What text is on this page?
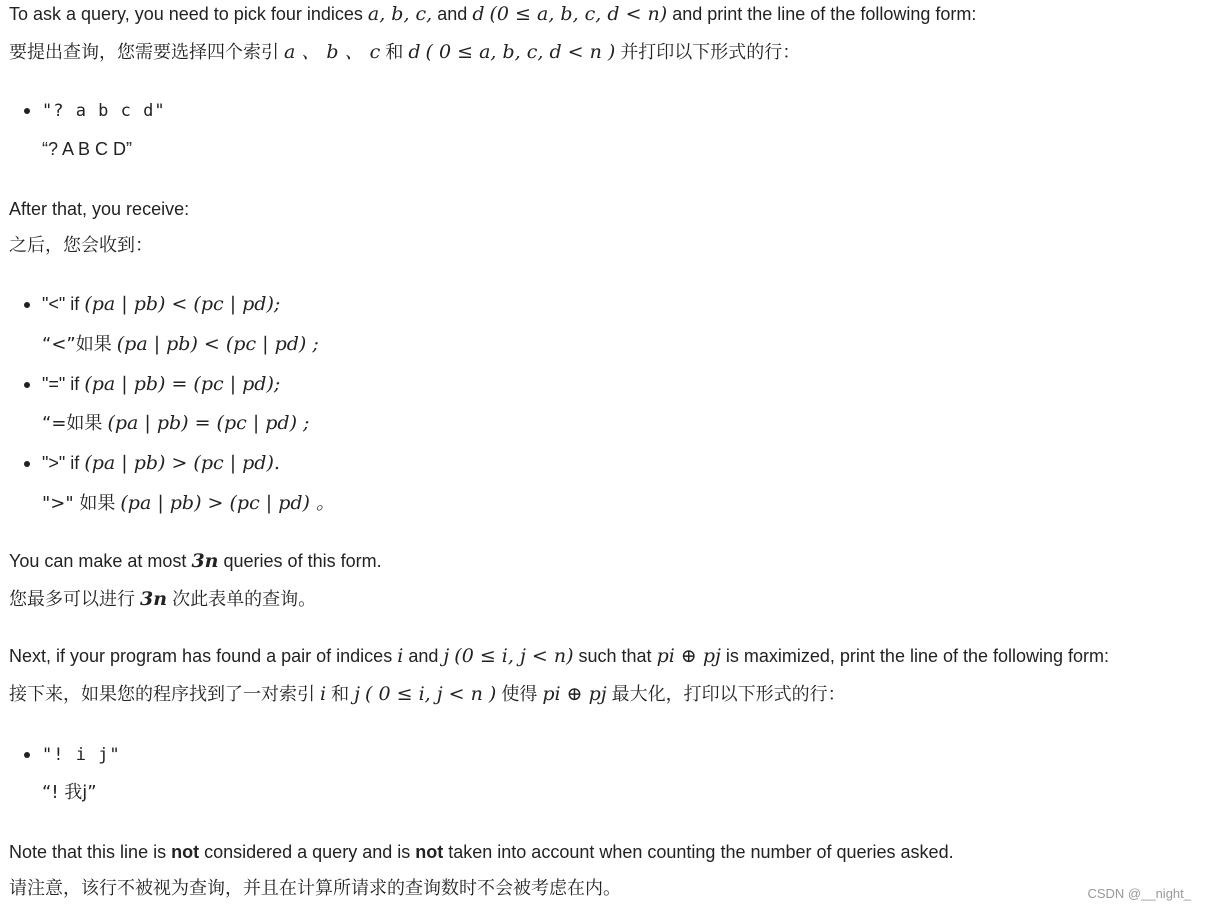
To ask a query, you need to pick four indices a, b, c, and d (0 ≤ a, b, c, d < n) and print the line of the following form:
要提出查询，您需要选择四个索引 a 、 b 、 c 和 d ( 0 ≤ a, b, c, d < n ) 并打印以下形式的行：
"? a b c d"
“? A B C D”
After that, you receive:
之后，您会收到：
"<" if (pa | pb) < (pc | pd);
“<”如果 (pa | pb) < (pc | pd) ;
"=" if (pa | pb) = (pc | pd);
“=如果 (pa | pb) = (pc | pd) ;
">" if (pa | pb) > (pc | pd).
">" 如果 (pa | pb) > (pc | pd) 。
You can make at most 3n queries of this form.
您最多可以进行 3n 次此表单的查询。
Next, if your program has found a pair of indices i and j (0 ≤ i, j < n) such that pi ⊕ pj is maximized, print the line of the following form:
接下来，如果您的程序找到了一对索引 i 和 j ( 0 ≤ i, j < n ) 使得 pi ⊕ pj 最大化，打印以下形式的行：
"! i j"
“! 我j”
Note that this line is not considered a query and is not taken into account when counting the number of queries asked.
请注意，该行不被视为查询，并且在计算所请求的查询数时不会被考虑在内。	CSDN @__night_
